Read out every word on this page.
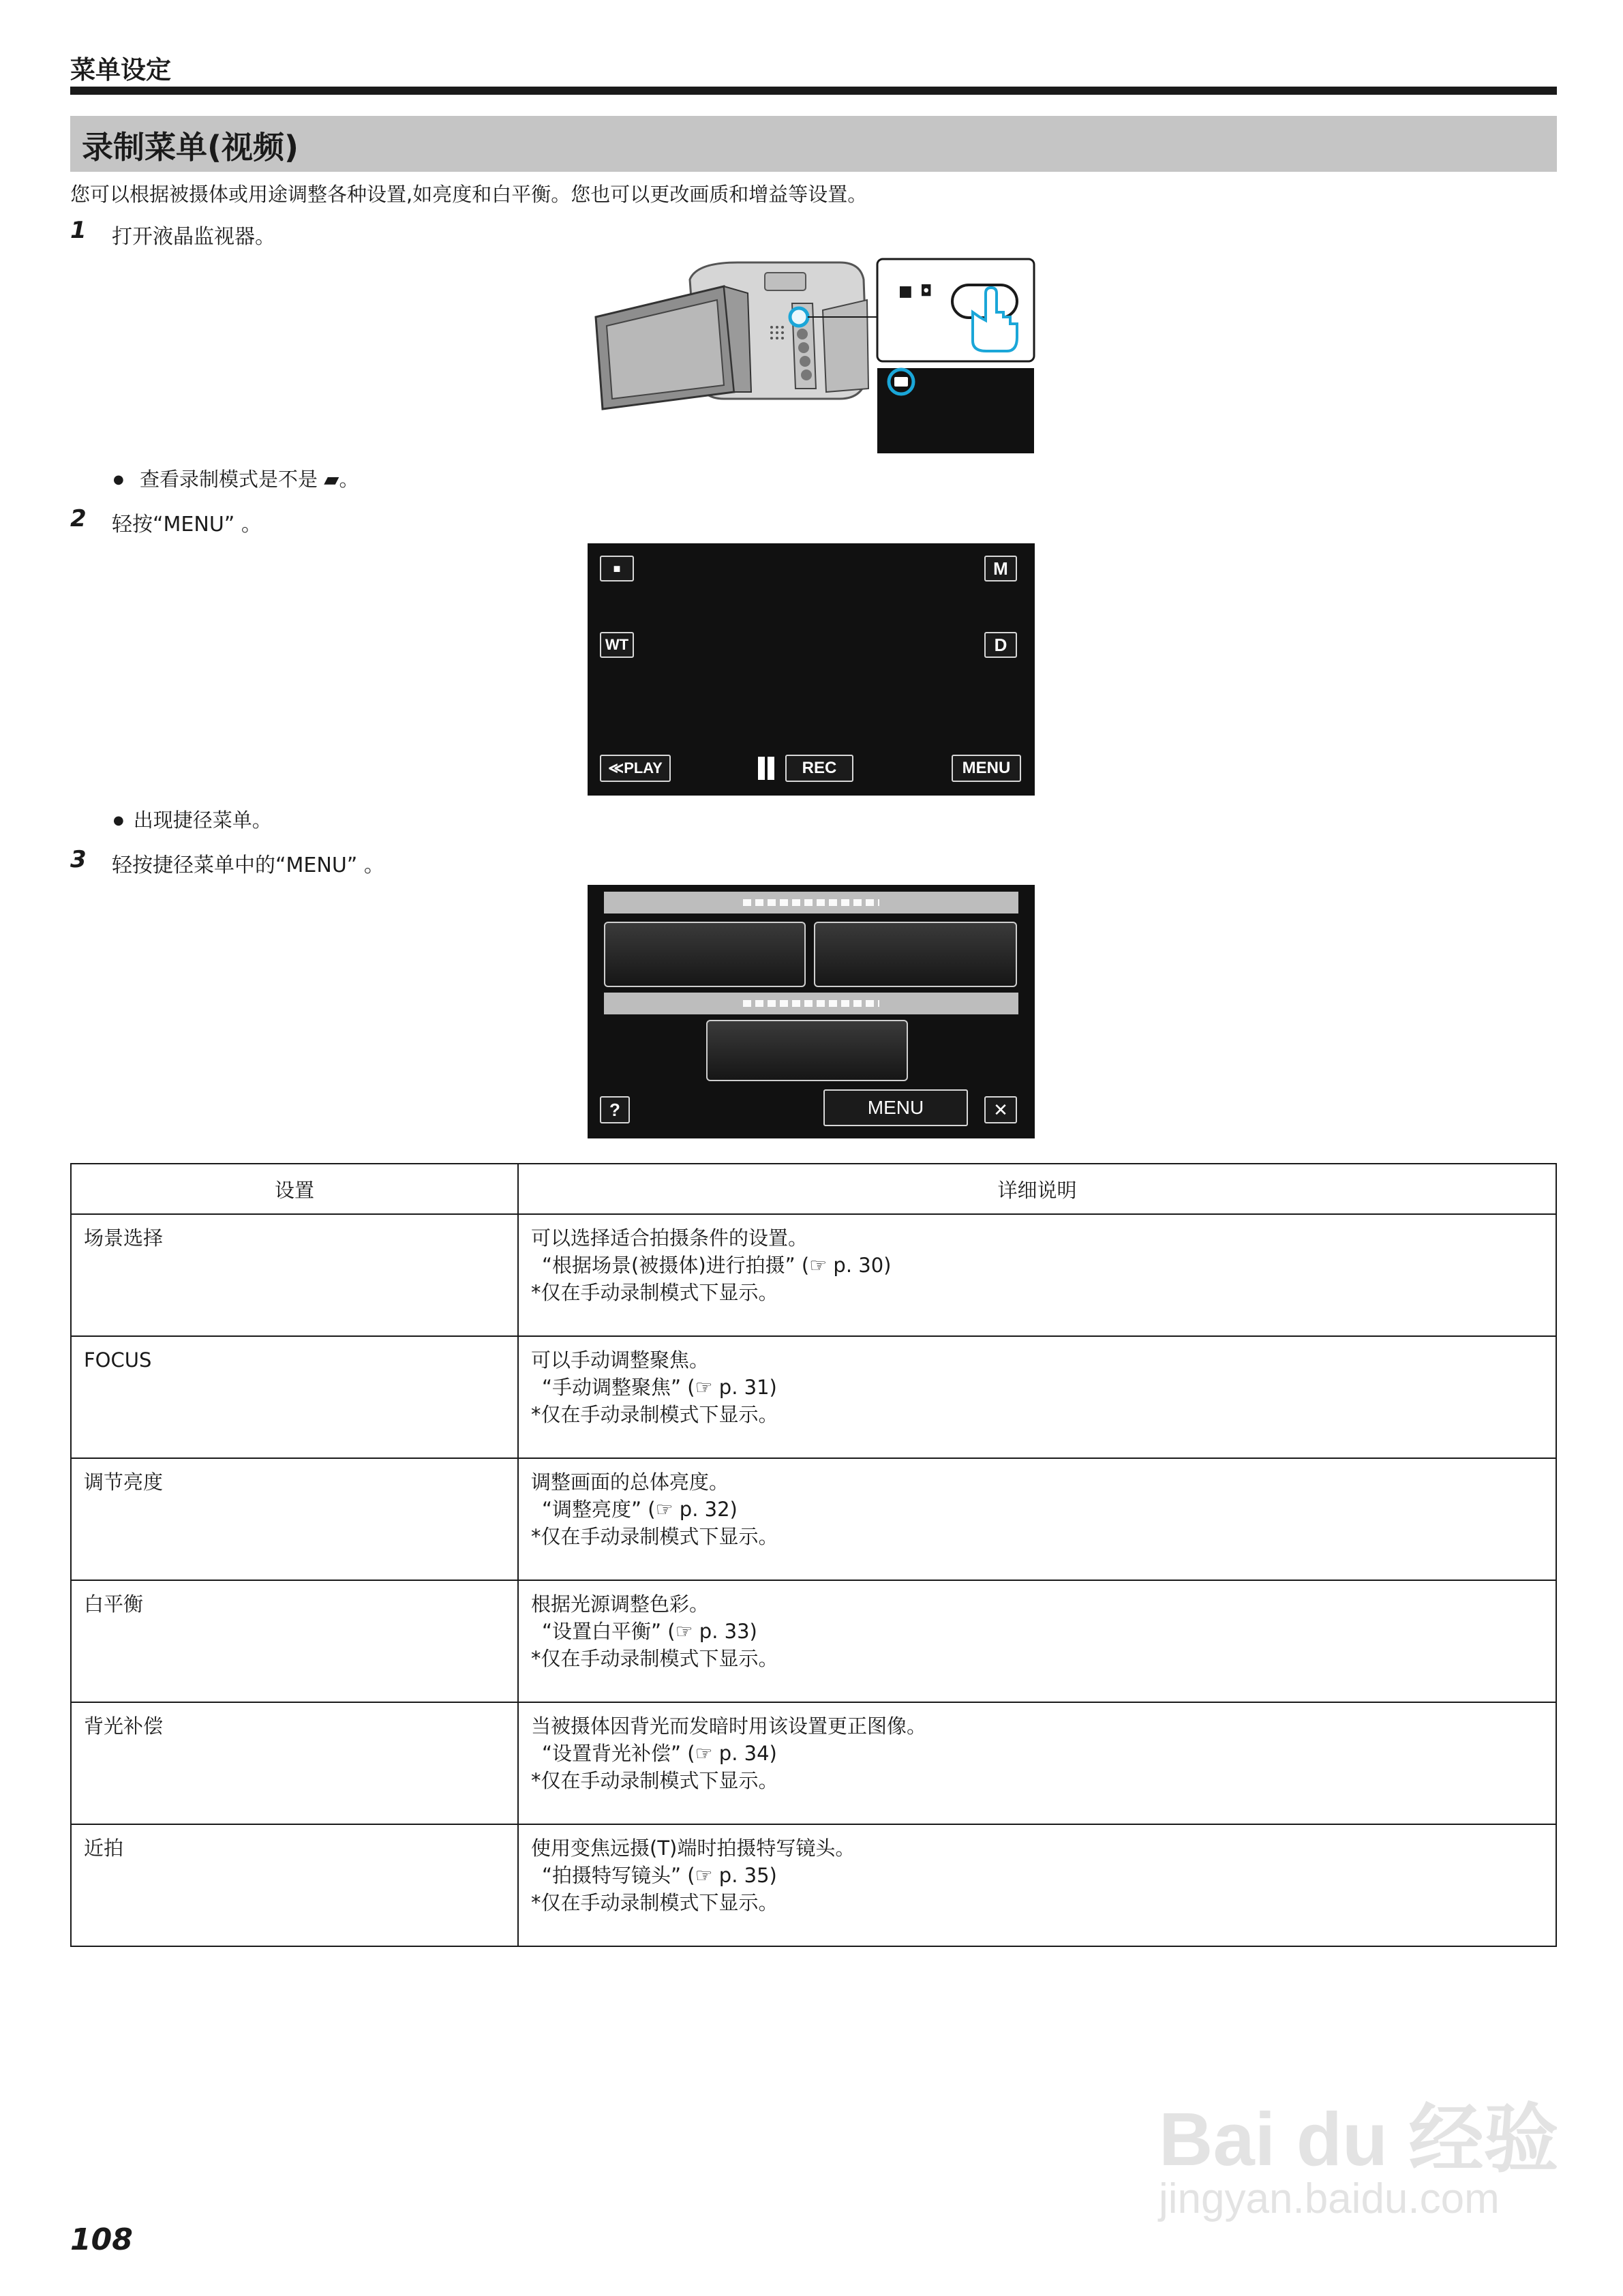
菜单设定
录制菜单(视频)
您可以根据被摄体或用途调整各种设置,如亮度和白平衡。您也可以更改画质和增益等设置。
1 打开液晶监视器。
■ ◘
● 查看录制模式是不是 ▰。
2 轻按“MENU” 。
■	M
WT	D
≪PLAY	REC	MENU
● 出现捷径菜单。
3 轻按捷径菜单中的“MENU” 。
?	MENU	✕
设置	详细说明
场景选择	可以选择适合拍摄条件的设置。
“根据场景(被摄体)进行拍摄” (☞ p. 30)
*仅在手动录制模式下显示。

FOCUS	可以手动调整聚焦。
“手动调整聚焦” (☞ p. 31)
*仅在手动录制模式下显示。

调节亮度	调整画面的总体亮度。
“调整亮度” (☞ p. 32)
*仅在手动录制模式下显示。

白平衡	根据光源调整色彩。
“设置白平衡” (☞ p. 33)
*仅在手动录制模式下显示。

背光补偿	当被摄体因背光而发暗时用该设置更正图像。
“设置背光补偿” (☞ p. 34)
*仅在手动录制模式下显示。

近拍	使用变焦远摄(T)端时拍摄特写镜头。
“拍摄特写镜头” (☞ p. 35)
*仅在手动录制模式下显示。
Bai du 经验
jingyan.baidu.com
108
